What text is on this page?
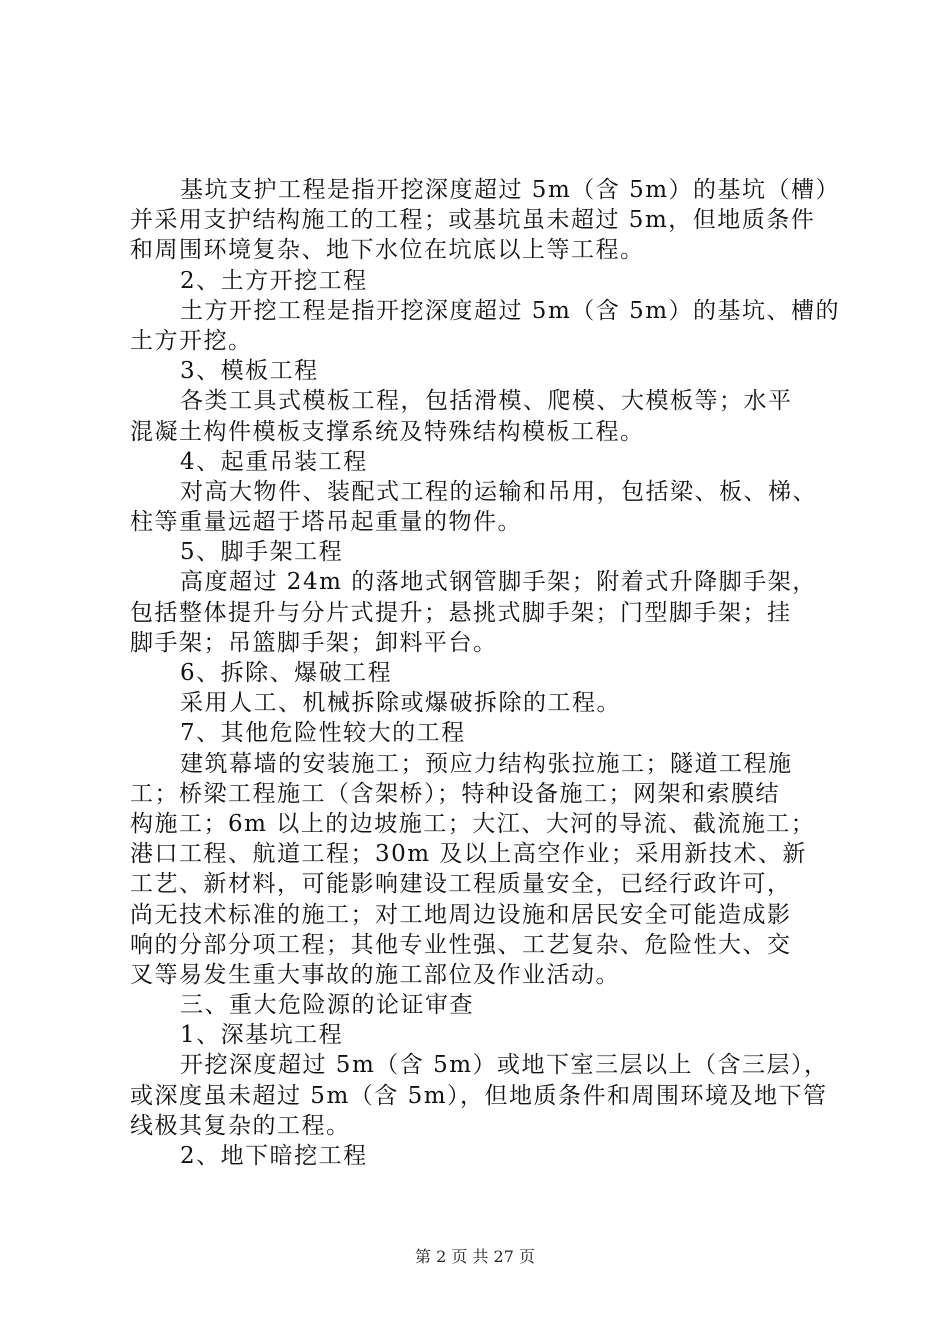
基坑支护工程是指开挖深度超过 5m（含 5m）的基坑（槽）
并采用支护结构施工的工程；或基坑虽未超过 5m，但地质条件
和周围环境复杂、地下水位在坑底以上等工程。
2、土方开挖工程
土方开挖工程是指开挖深度超过 5m（含 5m）的基坑、槽的
土方开挖。
3、模板工程
各类工具式模板工程，包括滑模、爬模、大模板等；水平
混凝土构件模板支撑系统及特殊结构模板工程。
4、起重吊装工程
对高大物件、装配式工程的运输和吊用，包括梁、板、梯、
柱等重量远超于塔吊起重量的物件。
5、脚手架工程
高度超过 24m 的落地式钢管脚手架；附着式升降脚手架，
包括整体提升与分片式提升；悬挑式脚手架；门型脚手架；挂
脚手架；吊篮脚手架；卸料平台。
6、拆除、爆破工程
采用人工、机械拆除或爆破拆除的工程。
7、其他危险性较大的工程
建筑幕墙的安装施工；预应力结构张拉施工；隧道工程施
工；桥梁工程施工（含架桥）；特种设备施工；网架和索膜结
构施工；6m 以上的边坡施工；大江、大河的导流、截流施工；
港口工程、航道工程；30m 及以上高空作业；采用新技术、新
工艺、新材料，可能影响建设工程质量安全，已经行政许可，
尚无技术标准的施工；对工地周边设施和居民安全可能造成影
响的分部分项工程；其他专业性强、工艺复杂、危险性大、交
叉等易发生重大事故的施工部位及作业活动。
三、重大危险源的论证审查
1、深基坑工程
开挖深度超过 5m（含 5m）或地下室三层以上（含三层），
或深度虽未超过 5m（含 5m），但地质条件和周围环境及地下管
线极其复杂的工程。
2、地下暗挖工程
第 2 页 共 27 页
